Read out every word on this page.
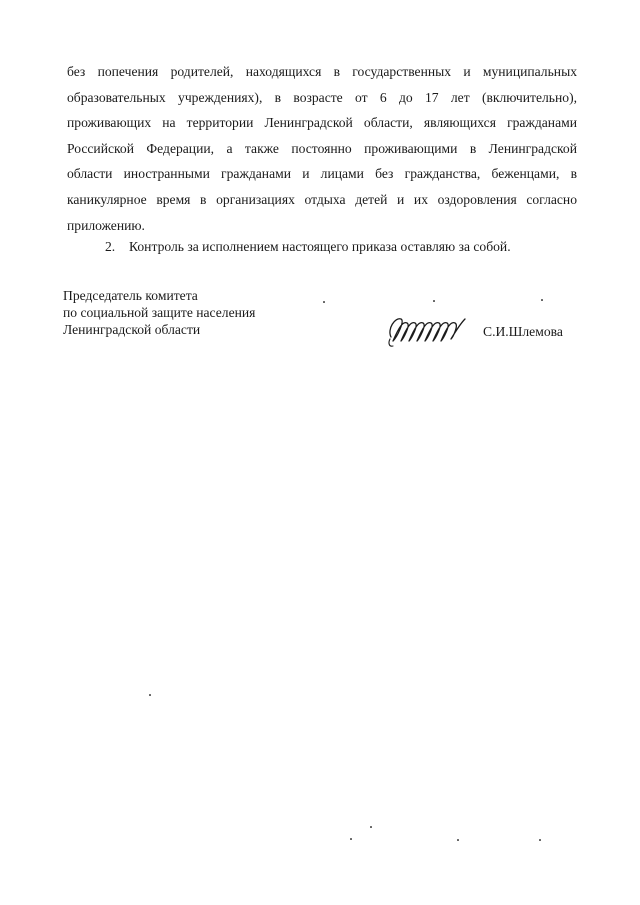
без попечения родителей, находящихся в государственных и муниципальных
образовательных учреждениях), в возрасте от 6 до 17 лет (включительно),
проживающих на территории Ленинградской области, являющихся гражданами
Российской Федерации, а также постоянно проживающими в Ленинградской
области иностранными гражданами и лицами без гражданства, беженцами, в
каникулярное время в организациях отдыха детей и их оздоровления согласно
приложению.
2. Контроль за исполнением настоящего приказа оставляю за собой.
Председатель комитета
по социальной защите населения
Ленинградской области	С.И.Шлемова
